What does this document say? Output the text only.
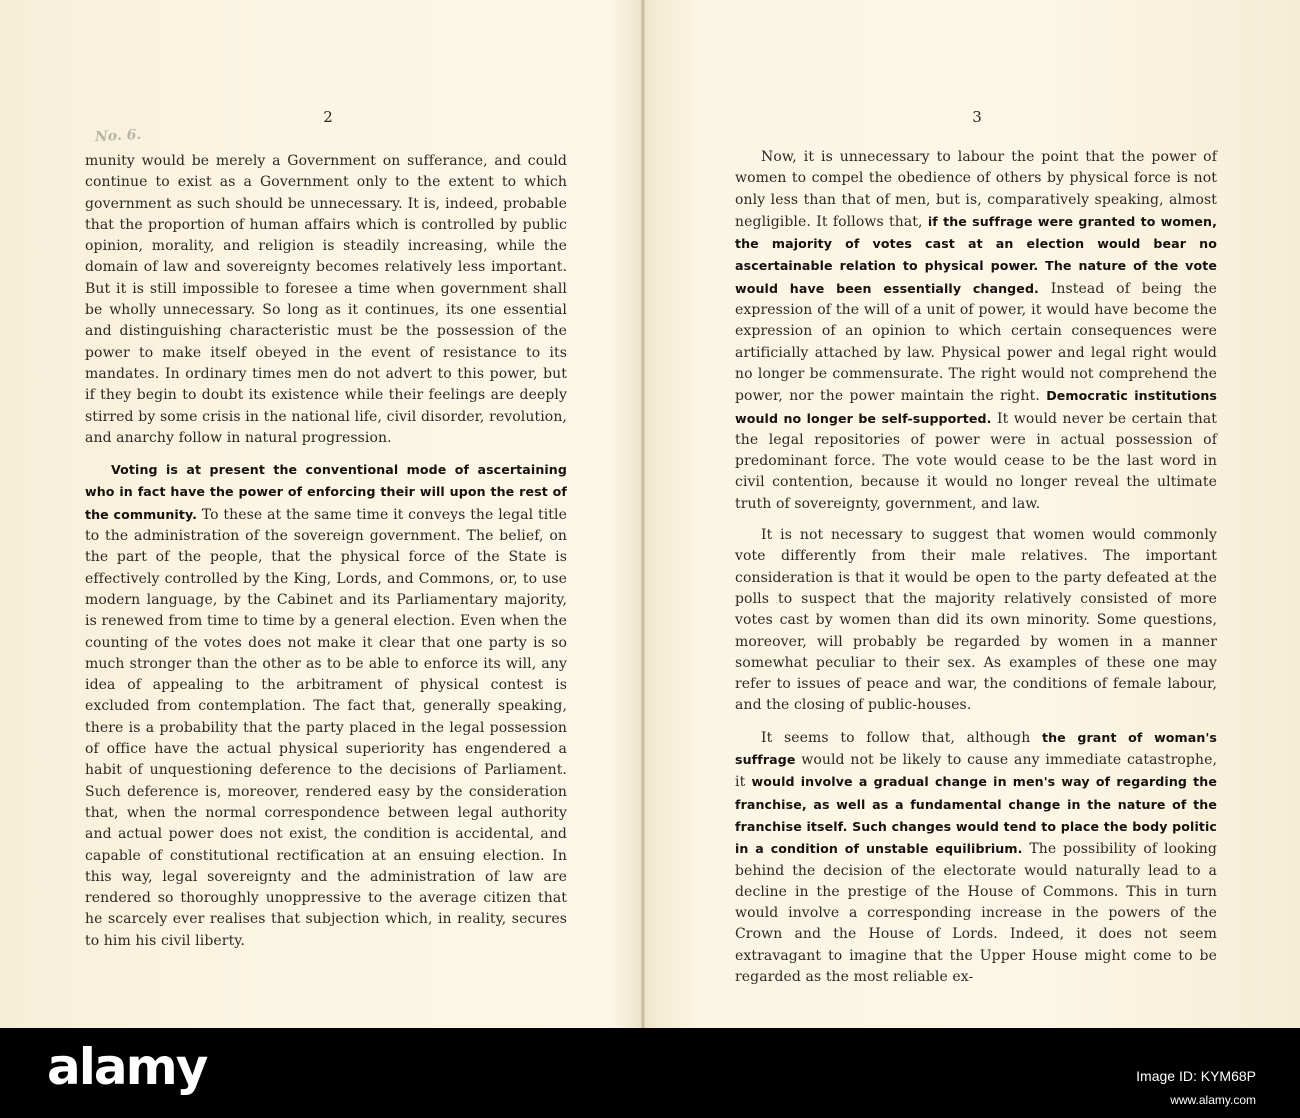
2
No. 6.

munity would be merely a Government on sufferance, and could continue to exist as a Government only to the extent to which government as such should be unnecessary. It is, indeed, probable that the proportion of human affairs which is controlled by public opinion, morality, and religion is steadily increasing, while the domain of law and sovereignty becomes relatively less important. But it is still impossible to foresee a time when government shall be wholly unnecessary. So long as it continues, its one essential and distinguishing characteristic must be the possession of the power to make itself obeyed in the event of resistance to its mandates. In ordinary times men do not advert to this power, but if they begin to doubt its existence while their feelings are deeply stirred by some crisis in the national life, civil disorder, revolution, and anarchy follow in natural progression.

Voting is at present the conventional mode of ascertaining who in fact have the power of enforcing their will upon the rest of the community. To these at the same time it conveys the legal title to the administration of the sovereign government. The belief, on the part of the people, that the physical force of the State is effectively controlled by the King, Lords, and Commons, or, to use modern language, by the Cabinet and its Parliamentary majority, is renewed from time to time by a general election. Even when the counting of the votes does not make it clear that one party is so much stronger than the other as to be able to enforce its will, any idea of appealing to the arbitrament of physical contest is excluded from contemplation. The fact that, generally speaking, there is a probability that the party placed in the legal possession of office have the actual physical superiority has engendered a habit of unquestioning deference to the decisions of Parliament. Such deference is, moreover, rendered easy by the consideration that, when the normal correspondence between legal authority and actual power does not exist, the condition is accidental, and capable of constitutional rectification at an ensuing election. In this way, legal sovereignty and the administration of law are rendered so thoroughly unoppressive to the average citizen that he scarcely ever realises that subjection which, in reality, secures to him his civil liberty.

3

Now, it is unnecessary to labour the point that the power of women to compel the obedience of others by physical force is not only less than that of men, but is, comparatively speaking, almost negligible. It follows that, if the suffrage were granted to women, the majority of votes cast at an election would bear no ascertainable relation to physical power. The nature of the vote would have been essentially changed. Instead of being the expression of the will of a unit of power, it would have become the expression of an opinion to which certain consequences were artificially attached by law. Physical power and legal right would no longer be commensurate. The right would not comprehend the power, nor the power maintain the right. Democratic institutions would no longer be self-supported. It would never be certain that the legal repositories of power were in actual possession of predominant force. The vote would cease to be the last word in civil contention, because it would no longer reveal the ultimate truth of sovereignty, government, and law.

It is not necessary to suggest that women would commonly vote differently from their male relatives. The important consideration is that it would be open to the party defeated at the polls to suspect that the majority relatively consisted of more votes cast by women than did its own minority. Some questions, moreover, will probably be regarded by women in a manner somewhat peculiar to their sex. As examples of these one may refer to issues of peace and war, the conditions of female labour, and the closing of public-houses.

It seems to follow that, although the grant of woman's suffrage would not be likely to cause any immediate catastrophe, it would involve a gradual change in men's way of regarding the franchise, as well as a fundamental change in the nature of the franchise itself. Such changes would tend to place the body politic in a condition of unstable equilibrium. The possibility of looking behind the decision of the electorate would naturally lead to a decline in the prestige of the House of Commons. This in turn would involve a corresponding increase in the powers of the Crown and the House of Lords. Indeed, it does not seem extravagant to imagine that the Upper House might come to be regarded as the most reliable ex-

alamy	Image ID: KYM68P
www.alamy.com
